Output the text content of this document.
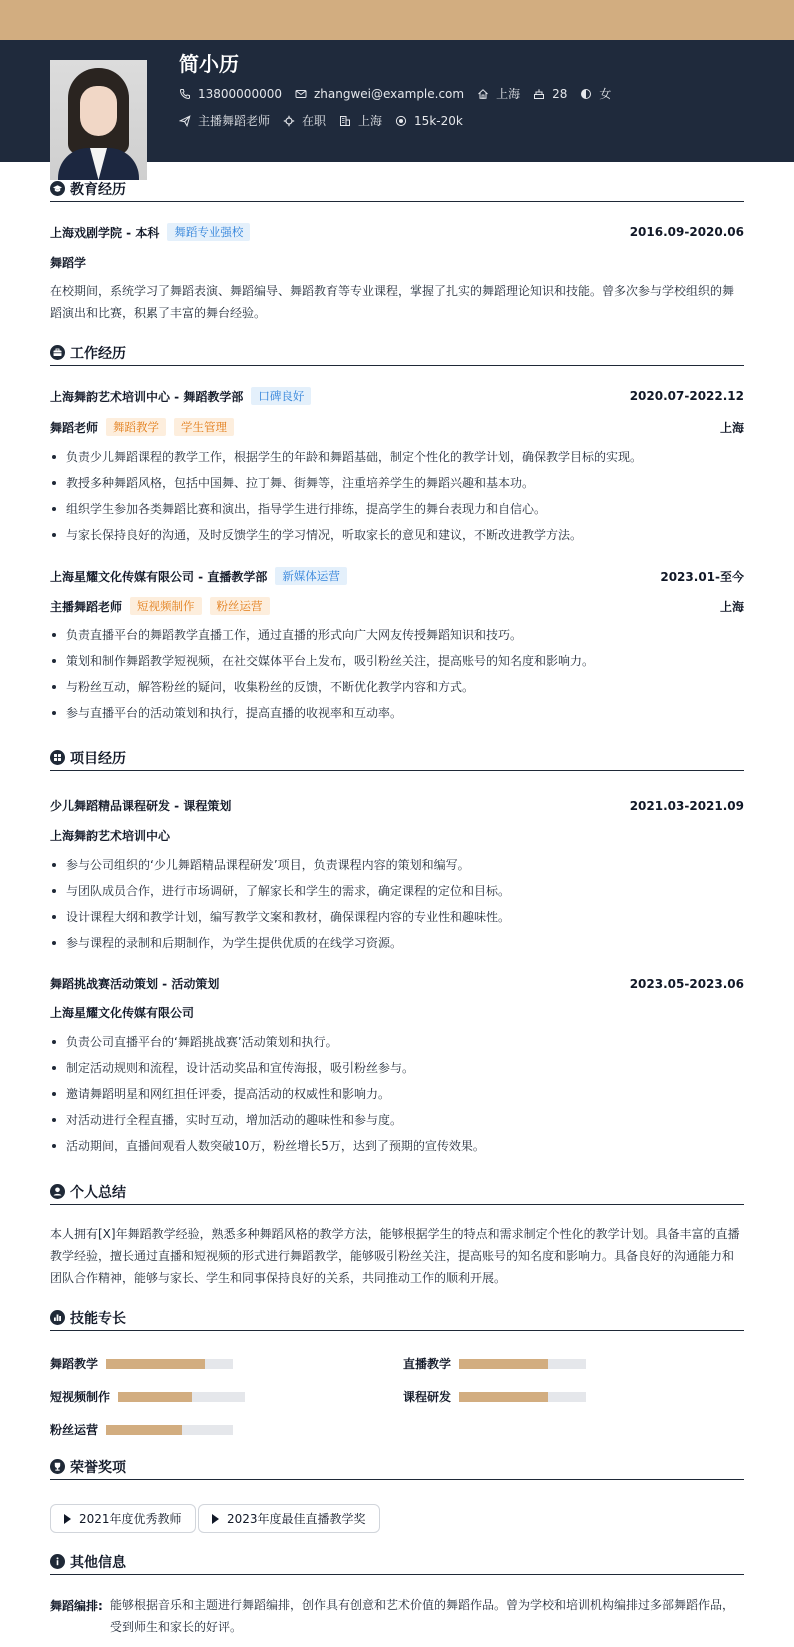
简小历
13800000000	zhangwei@example.com	上海	28	女
主播舞蹈老师	在职	上海	15k-20k
教育经历
上海戏剧学院 - 本科	舞蹈专业强校	2016.09-2020.06
舞蹈学
在校期间，系统学习了舞蹈表演、舞蹈编导、舞蹈教育等专业课程，掌握了扎实的舞蹈理论知识和技能。曾多次参与学校组织的舞蹈演出和比赛，积累了丰富的舞台经验。
工作经历
上海舞韵艺术培训中心 - 舞蹈教学部	口碑良好	2020.07-2022.12
舞蹈老师	舞蹈教学	学生管理	上海
负责少儿舞蹈课程的教学工作，根据学生的年龄和舞蹈基础，制定个性化的教学计划，确保教学目标的实现。
教授多种舞蹈风格，包括中国舞、拉丁舞、街舞等，注重培养学生的舞蹈兴趣和基本功。
组织学生参加各类舞蹈比赛和演出，指导学生进行排练，提高学生的舞台表现力和自信心。
与家长保持良好的沟通，及时反馈学生的学习情况，听取家长的意见和建议，不断改进教学方法。
上海星耀文化传媒有限公司 - 直播教学部	新媒体运营	2023.01-至今
主播舞蹈老师	短视频制作	粉丝运营	上海
负责直播平台的舞蹈教学直播工作，通过直播的形式向广大网友传授舞蹈知识和技巧。
策划和制作舞蹈教学短视频，在社交媒体平台上发布，吸引粉丝关注，提高账号的知名度和影响力。
与粉丝互动，解答粉丝的疑问，收集粉丝的反馈，不断优化教学内容和方式。
参与直播平台的活动策划和执行，提高直播的收视率和互动率。
项目经历
少儿舞蹈精品课程研发 - 课程策划	2021.03-2021.09
上海舞韵艺术培训中心
参与公司组织的‘少儿舞蹈精品课程研发’项目，负责课程内容的策划和编写。
与团队成员合作，进行市场调研，了解家长和学生的需求，确定课程的定位和目标。
设计课程大纲和教学计划，编写教学文案和教材，确保课程内容的专业性和趣味性。
参与课程的录制和后期制作，为学生提供优质的在线学习资源。
舞蹈挑战赛活动策划 - 活动策划	2023.05-2023.06
上海星耀文化传媒有限公司
负责公司直播平台的‘舞蹈挑战赛’活动策划和执行。
制定活动规则和流程，设计活动奖品和宣传海报，吸引粉丝参与。
邀请舞蹈明星和网红担任评委，提高活动的权威性和影响力。
对活动进行全程直播，实时互动，增加活动的趣味性和参与度。
活动期间，直播间观看人数突破10万，粉丝增长5万，达到了预期的宣传效果。
个人总结
本人拥有[X]年舞蹈教学经验，熟悉多种舞蹈风格的教学方法，能够根据学生的特点和需求制定个性化的教学计划。具备丰富的直播教学经验，擅长通过直播和短视频的形式进行舞蹈教学，能够吸引粉丝关注，提高账号的知名度和影响力。具备良好的沟通能力和团队合作精神，能够与家长、学生和同事保持良好的关系，共同推动工作的顺利开展。
技能专长
舞蹈教学	直播教学
短视频制作	课程研发
粉丝运营
荣誉奖项
2021年度优秀教师	2023年度最佳直播教学奖
其他信息
舞蹈编排: 能够根据音乐和主题进行舞蹈编排，创作具有创意和艺术价值的舞蹈作品。曾为学校和培训机构编排过多部舞蹈作品，受到师生和家长的好评。
